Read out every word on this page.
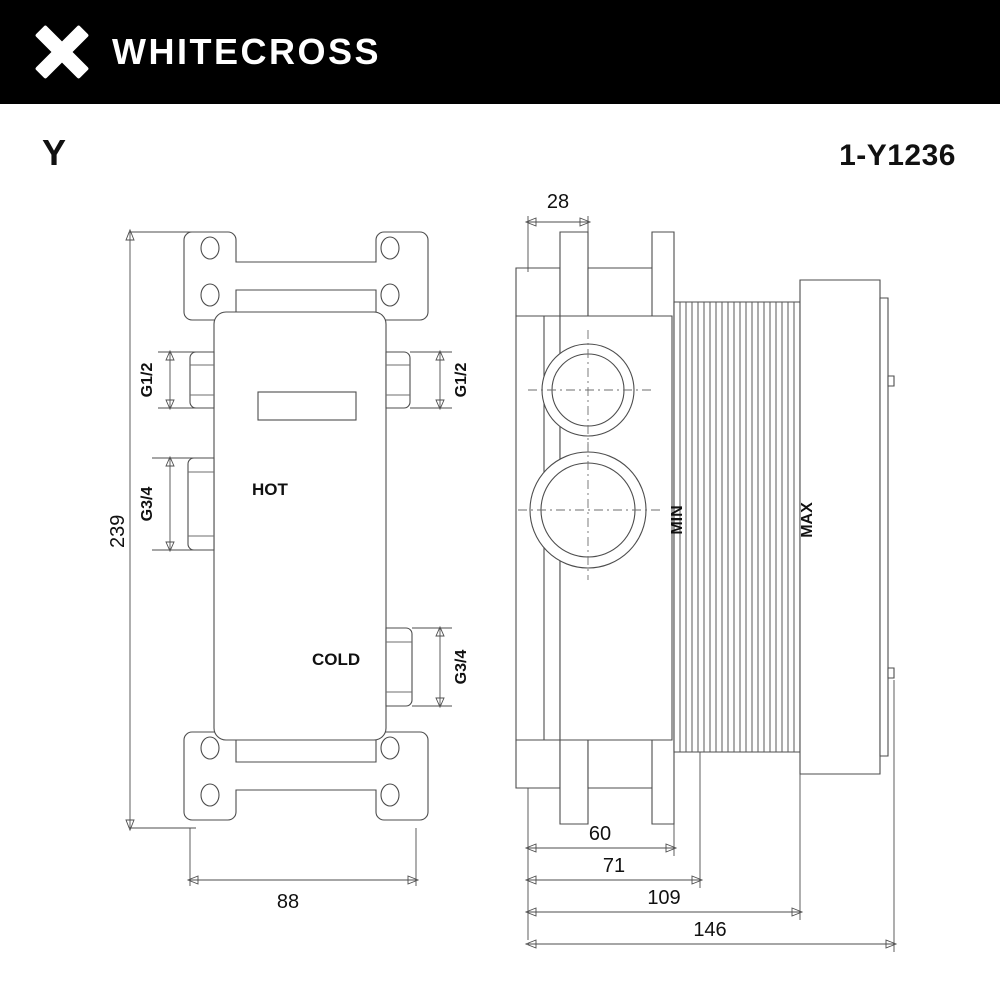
WHITECROSS
Y	1-Y1236
HOT
COLD
239
88
G1/2	G1/2
G3/4
G3/4
MIN	MAX
28
60
71
109
146
